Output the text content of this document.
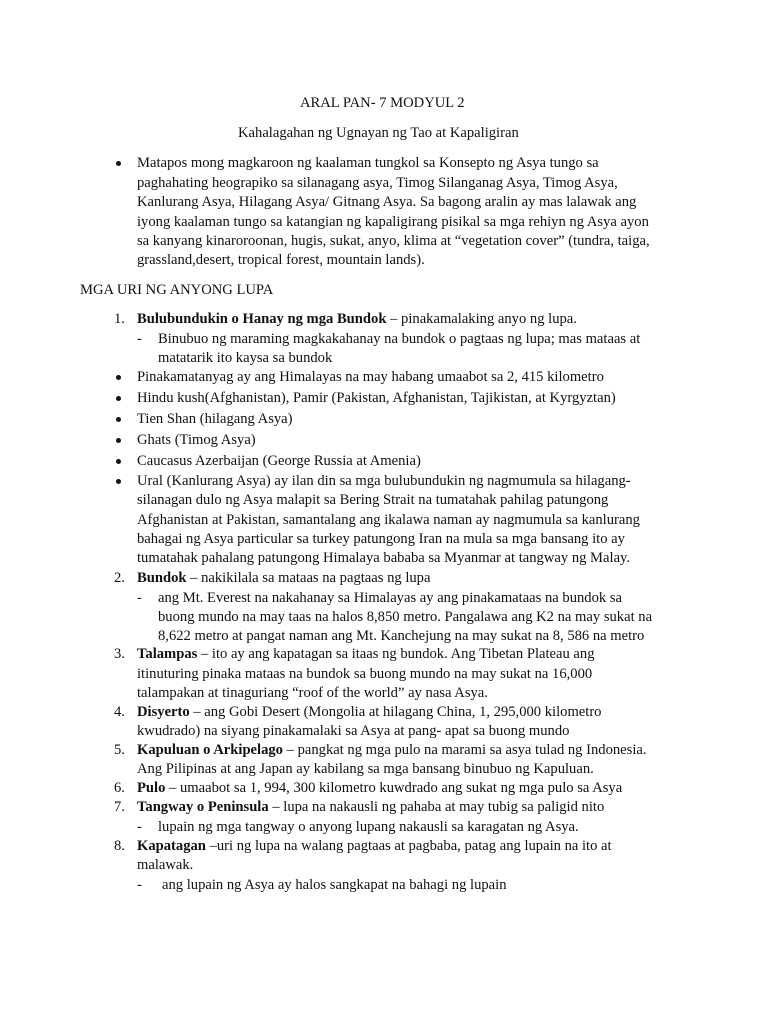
ARAL PAN- 7 MODYUL 2
Kahalagahan ng Ugnayan ng Tao at Kapaligiran
Matapos mong magkaroon ng kaalaman tungkol sa Konsepto ng Asya tungo sa
paghahating heograpiko sa silanagang asya, Timog Silanganag Asya, Timog Asya,
Kanlurang Asya, Hilagang Asya/ Gitnang Asya. Sa bagong aralin ay mas lalawak ang
iyong kaalaman tungo sa katangian ng kapaligirang pisikal sa mga rehiyn ng Asya ayon
sa kanyang kinaroroonan, hugis, sukat, anyo, klima at “vegetation cover” (tundra, taiga,
grassland,desert, tropical forest, mountain lands).
MGA URI NG ANYONG LUPA
1. Bulubundukin o Hanay ng mga Bundok – pinakamalaking anyo ng lupa.
- Binubuo ng maraming magkakahanay na bundok o pagtaas ng lupa; mas mataas at
matatarik ito kaysa sa bundok
Pinakamatanyag ay ang Himalayas na may habang umaabot sa 2, 415 kilometro
Hindu kush(Afghanistan), Pamir (Pakistan, Afghanistan, Tajikistan, at Kyrgyztan)
Tien Shan (hilagang Asya)
Ghats (Timog Asya)
Caucasus Azerbaijan (George Russia at Amenia)
Ural (Kanlurang Asya) ay ilan din sa mga bulubundukin ng nagmumula sa hilagang-
silanagan dulo ng Asya malapit sa Bering Strait na tumatahak pahilag patungong
Afghanistan at Pakistan, samantalang ang ikalawa naman ay nagmumula sa kanlurang
bahagai ng Asya particular sa turkey patungong Iran na mula sa mga bansang ito ay
tumatahak pahalang patungong Himalaya bababa sa Myanmar at tangway ng Malay.
2. Bundok – nakikilala sa mataas na pagtaas ng lupa
- ang Mt. Everest na nakahanay sa Himalayas ay ang pinakamataas na bundok sa
buong mundo na may taas na halos 8,850 metro. Pangalawa ang K2 na may sukat na
8,622 metro at pangat naman ang Mt. Kanchejung na may sukat na 8, 586 na metro
3. Talampas – ito ay ang kapatagan sa itaas ng bundok. Ang Tibetan Plateau ang
itinuturing pinaka mataas na bundok sa buong mundo na may sukat na 16,000
talampakan at tinaguriang “roof of the world” ay nasa Asya.
4. Disyerto – ang Gobi Desert (Mongolia at hilagang China, 1, 295,000 kilometro
kwudrado) na siyang pinakamalaki sa Asya at pang- apat sa buong mundo
5. Kapuluan o Arkipelago – pangkat ng mga pulo na marami sa asya tulad ng Indonesia.
Ang Pilipinas at ang Japan ay kabilang sa mga bansang binubuo ng Kapuluan.
6. Pulo – umaabot sa 1, 994, 300 kilometro kuwdrado ang sukat ng mga pulo sa Asya
7. Tangway o Peninsula – lupa na nakausli ng pahaba at may tubig sa paligid nito
- lupain ng mga tangway o anyong lupang nakausli sa karagatan ng Asya.
8. Kapatagan –uri ng lupa na walang pagtaas at pagbaba, patag ang lupain na ito at
malawak.
- ang lupain ng Asya ay halos sangkapat na bahagi ng lupain
